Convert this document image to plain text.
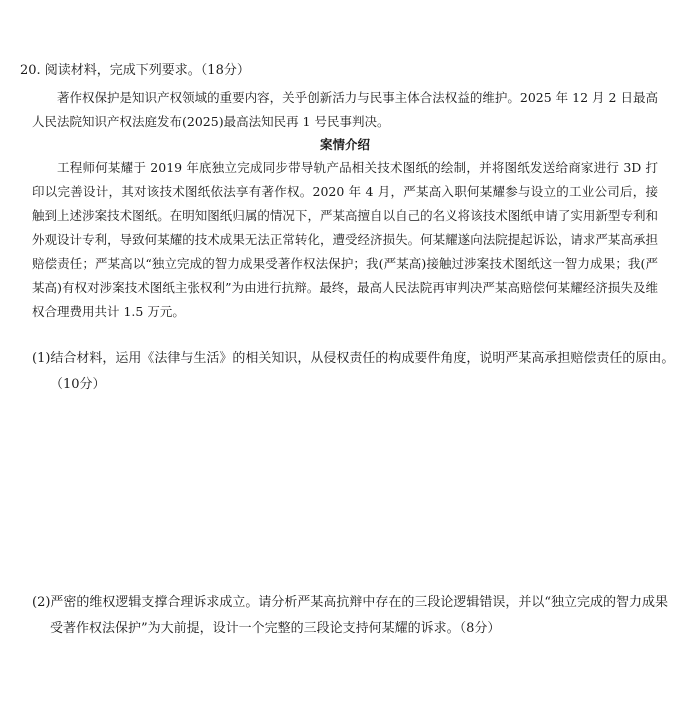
20. 阅读材料，完成下列要求。（18分）

著作权保护是知识产权领域的重要内容，关乎创新活力与民事主体合法权益的维护。2025 年 12 月 2 日最高人民法院知识产权法庭发布(2025)最高法知民再 1 号民事判决。

案情介绍

工程师何某耀于 2019 年底独立完成同步带导轨产品相关技术图纸的绘制，并将图纸发送给商家进行 3D 打印以完善设计，其对该技术图纸依法享有著作权。2020 年 4 月，严某高入职何某耀参与设立的工业公司后，接触到上述涉案技术图纸。在明知图纸归属的情况下，严某高擅自以自己的名义将该技术图纸申请了实用新型专利和外观设计专利，导致何某耀的技术成果无法正常转化，遭受经济损失。何某耀遂向法院提起诉讼，请求严某高承担赔偿责任；严某高以“独立完成的智力成果受著作权法保护；我(严某高)接触过涉案技术图纸这一智力成果；我(严某高)有权对涉案技术图纸主张权利”为由进行抗辩。最终，最高人民法院再审判决严某高赔偿何某耀经济损失及维权合理费用共计 1.5 万元。

(1)结合材料，运用《法律与生活》的相关知识，从侵权责任的构成要件角度，说明严某高承担赔偿责任的原由。（10分）
(2)严密的维权逻辑支撑合理诉求成立。请分析严某高抗辩中存在的三段论逻辑错误，并以“独立完成的智力成果受著作权法保护”为大前提，设计一个完整的三段论支持何某耀的诉求。（8分）
